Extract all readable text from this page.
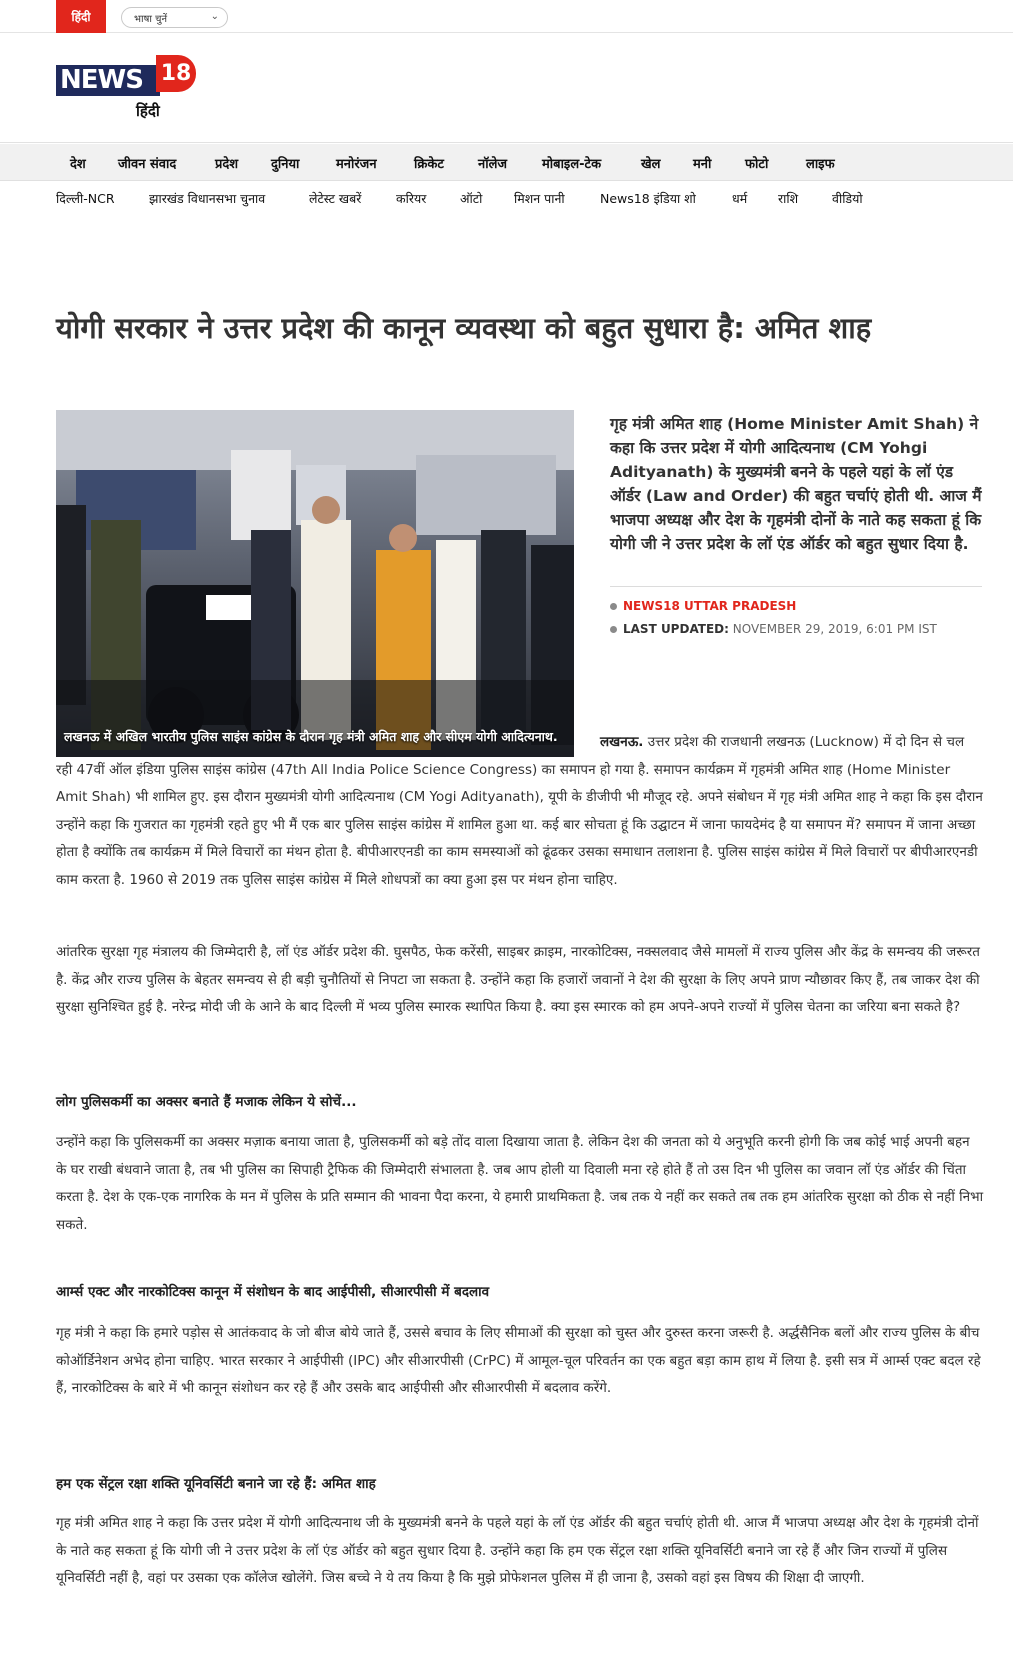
हिंदी	भाषा चुनें	⌄
NEWS 18
हिंदी
देश जीवन संवाद	प्रदेश	दुनिया	मनोरंजन	क्रिकेट	नॉलेज	मोबाइल-टेक	खेल	मनी	फोटो	लाइफ
दिल्ली-NCR	झारखंड विधानसभा चुनाव	लेटेस्ट खबरें	करियर	ऑटो	मिशन पानी	News18 इंडिया शो	धर्म राशि	वीडियो
योगी सरकार ने उत्तर प्रदेश की कानून व्यवस्था को बहुत सुधारा है: अमित शाह
लखनऊ में अखिल भारतीय पुलिस साइंस कांग्रेस के दौरान गृह मंत्री अमित शाह और सीएम योगी आदित्यनाथ.

गृह मंत्री अमित शाह (Home Minister Amit Shah) ने कहा कि उत्तर प्रदेश में योगी आदित्यनाथ (CM Yohgi Adityanath) के मुख्यमंत्री बनने के पहले यहां के लॉ एंड ऑर्डर (Law and Order) की बहुत चर्चाएं होती थी. आज मैं भाजपा अध्यक्ष और देश के गृहमंत्री दोनों के नाते कह सकता हूं कि योगी जी ने उत्तर प्रदेश के लॉ एंड ऑर्डर को बहुत सुधार दिया है.

NEWS18 UTTAR PRADESH
LAST UPDATED: NOVEMBER 29, 2019, 6:01 PM IST

लखनऊ. उत्तर प्रदेश की राजधानी लखनऊ (Lucknow) में दो दिन से चल रही 47वीं ऑल इंडिया पुलिस साइंस कांग्रेस (47th All India Police Science Congress) का समापन हो गया है. समापन कार्यक्रम में गृहमंत्री अमित शाह (Home Minister Amit Shah) भी शामिल हुए. इस दौरान मुख्यमंत्री योगी आदित्यनाथ (CM Yogi Adityanath), यूपी के डीजीपी भी मौजूद रहे. अपने संबोधन में गृह मंत्री अमित शाह ने कहा कि इस दौरान उन्होंने कहा कि गुजरात का गृहमंत्री रहते हुए भी मैं एक बार पुलिस साइंस कांग्रेस में शामिल हुआ था. कई बार सोचता हूं कि उद्घाटन में जाना फायदेमंद है या समापन में? समापन में जाना अच्छा होता है क्योंकि तब कार्यक्रम में मिले विचारों का मंथन होता है. बीपीआरएनडी का काम समस्याओं को ढूंढकर उसका समाधान तलाशना है. पुलिस साइंस कांग्रेस में मिले विचारों पर बीपीआरएनडी काम करता है. 1960 से 2019 तक पुलिस साइंस कांग्रेस में मिले शोधपत्रों का क्या हुआ इस पर मंथन होना चाहिए.

आंतरिक सुरक्षा गृह मंत्रालय की जिम्मेदारी है, लॉ एंड ऑर्डर प्रदेश की. घुसपैठ, फेक करेंसी, साइबर क्राइम, नारकोटिक्स, नक्सलवाद जैसे मामलों में राज्य पुलिस और केंद्र के समन्वय की जरूरत है. केंद्र और राज्य पुलिस के बेहतर समन्वय से ही बड़ी चुनौतियों से निपटा जा सकता है. उन्होंने कहा कि हजारों जवानों ने देश की सुरक्षा के लिए अपने प्राण न्यौछावर किए हैं, तब जाकर देश की सुरक्षा सुनिश्चित हुई है. नरेन्द्र मोदी जी के आने के बाद दिल्ली में भव्य पुलिस स्मारक स्थापित किया है. क्या इस स्मारक को हम अपने-अपने राज्यों में पुलिस चेतना का जरिया बना सकते है?

लोग पुलिसकर्मी का अक्सर बनाते हैं मजाक लेकिन ये सोचें...

उन्होंने कहा कि पुलिसकर्मी का अक्सर मज़ाक बनाया जाता है, पुलिसकर्मी को बड़े तोंद वाला दिखाया जाता है. लेकिन देश की जनता को ये अनुभूति करनी होगी कि जब कोई भाई अपनी बहन के घर राखी बंधवाने जाता है, तब भी पुलिस का सिपाही ट्रैफिक की जिम्मेदारी संभालता है. जब आप होली या दिवाली मना रहे होते हैं तो उस दिन भी पुलिस का जवान लॉ एंड ऑर्डर की चिंता करता है. देश के एक-एक नागरिक के मन में पुलिस के प्रति सम्मान की भावना पैदा करना, ये हमारी प्राथमिकता है. जब तक ये नहीं कर सकते तब तक हम आंतरिक सुरक्षा को ठीक से नहीं निभा सकते.

आर्म्स एक्ट और नारकोटिक्स कानून में संशोधन के बाद आईपीसी, सीआरपीसी में बदलाव

गृह मंत्री ने कहा कि हमारे पड़ोस से आतंकवाद के जो बीज बोये जाते हैं, उससे बचाव के लिए सीमाओं की सुरक्षा को चुस्त और दुरुस्त करना जरूरी है. अर्द्धसैनिक बलों और राज्य पुलिस के बीच कोऑर्डिनेशन अभेद होना चाहिए. भारत सरकार ने आईपीसी (IPC) और सीआरपीसी (CrPC) में आमूल-चूल परिवर्तन का एक बहुत बड़ा काम हाथ में लिया है. इसी सत्र में आर्म्स एक्ट बदल रहे हैं, नारकोटिक्स के बारे में भी कानून संशोधन कर रहे हैं और उसके बाद आईपीसी और सीआरपीसी में बदलाव करेंगे.

हम एक सेंट्रल रक्षा शक्ति यूनिवर्सिटी बनाने जा रहे हैं: अमित शाह

गृह मंत्री अमित शाह ने कहा कि उत्तर प्रदेश में योगी आदित्यनाथ जी के मुख्यमंत्री बनने के पहले यहां के लॉ एंड ऑर्डर की बहुत चर्चाएं होती थी. आज मैं भाजपा अध्यक्ष और देश के गृहमंत्री दोनों के नाते कह सकता हूं कि योगी जी ने उत्तर प्रदेश के लॉ एंड ऑर्डर को बहुत सुधार दिया है. उन्होंने कहा कि हम एक सेंट्रल रक्षा शक्ति यूनिवर्सिटी बनाने जा रहे हैं और जिन राज्यों में पुलिस यूनिवर्सिटी नहीं है, वहां पर उसका एक कॉलेज खोलेंगे. जिस बच्चे ने ये तय किया है कि मुझे प्रोफेशनल पुलिस में ही जाना है, उसको वहां इस विषय की शिक्षा दी जाएगी.
